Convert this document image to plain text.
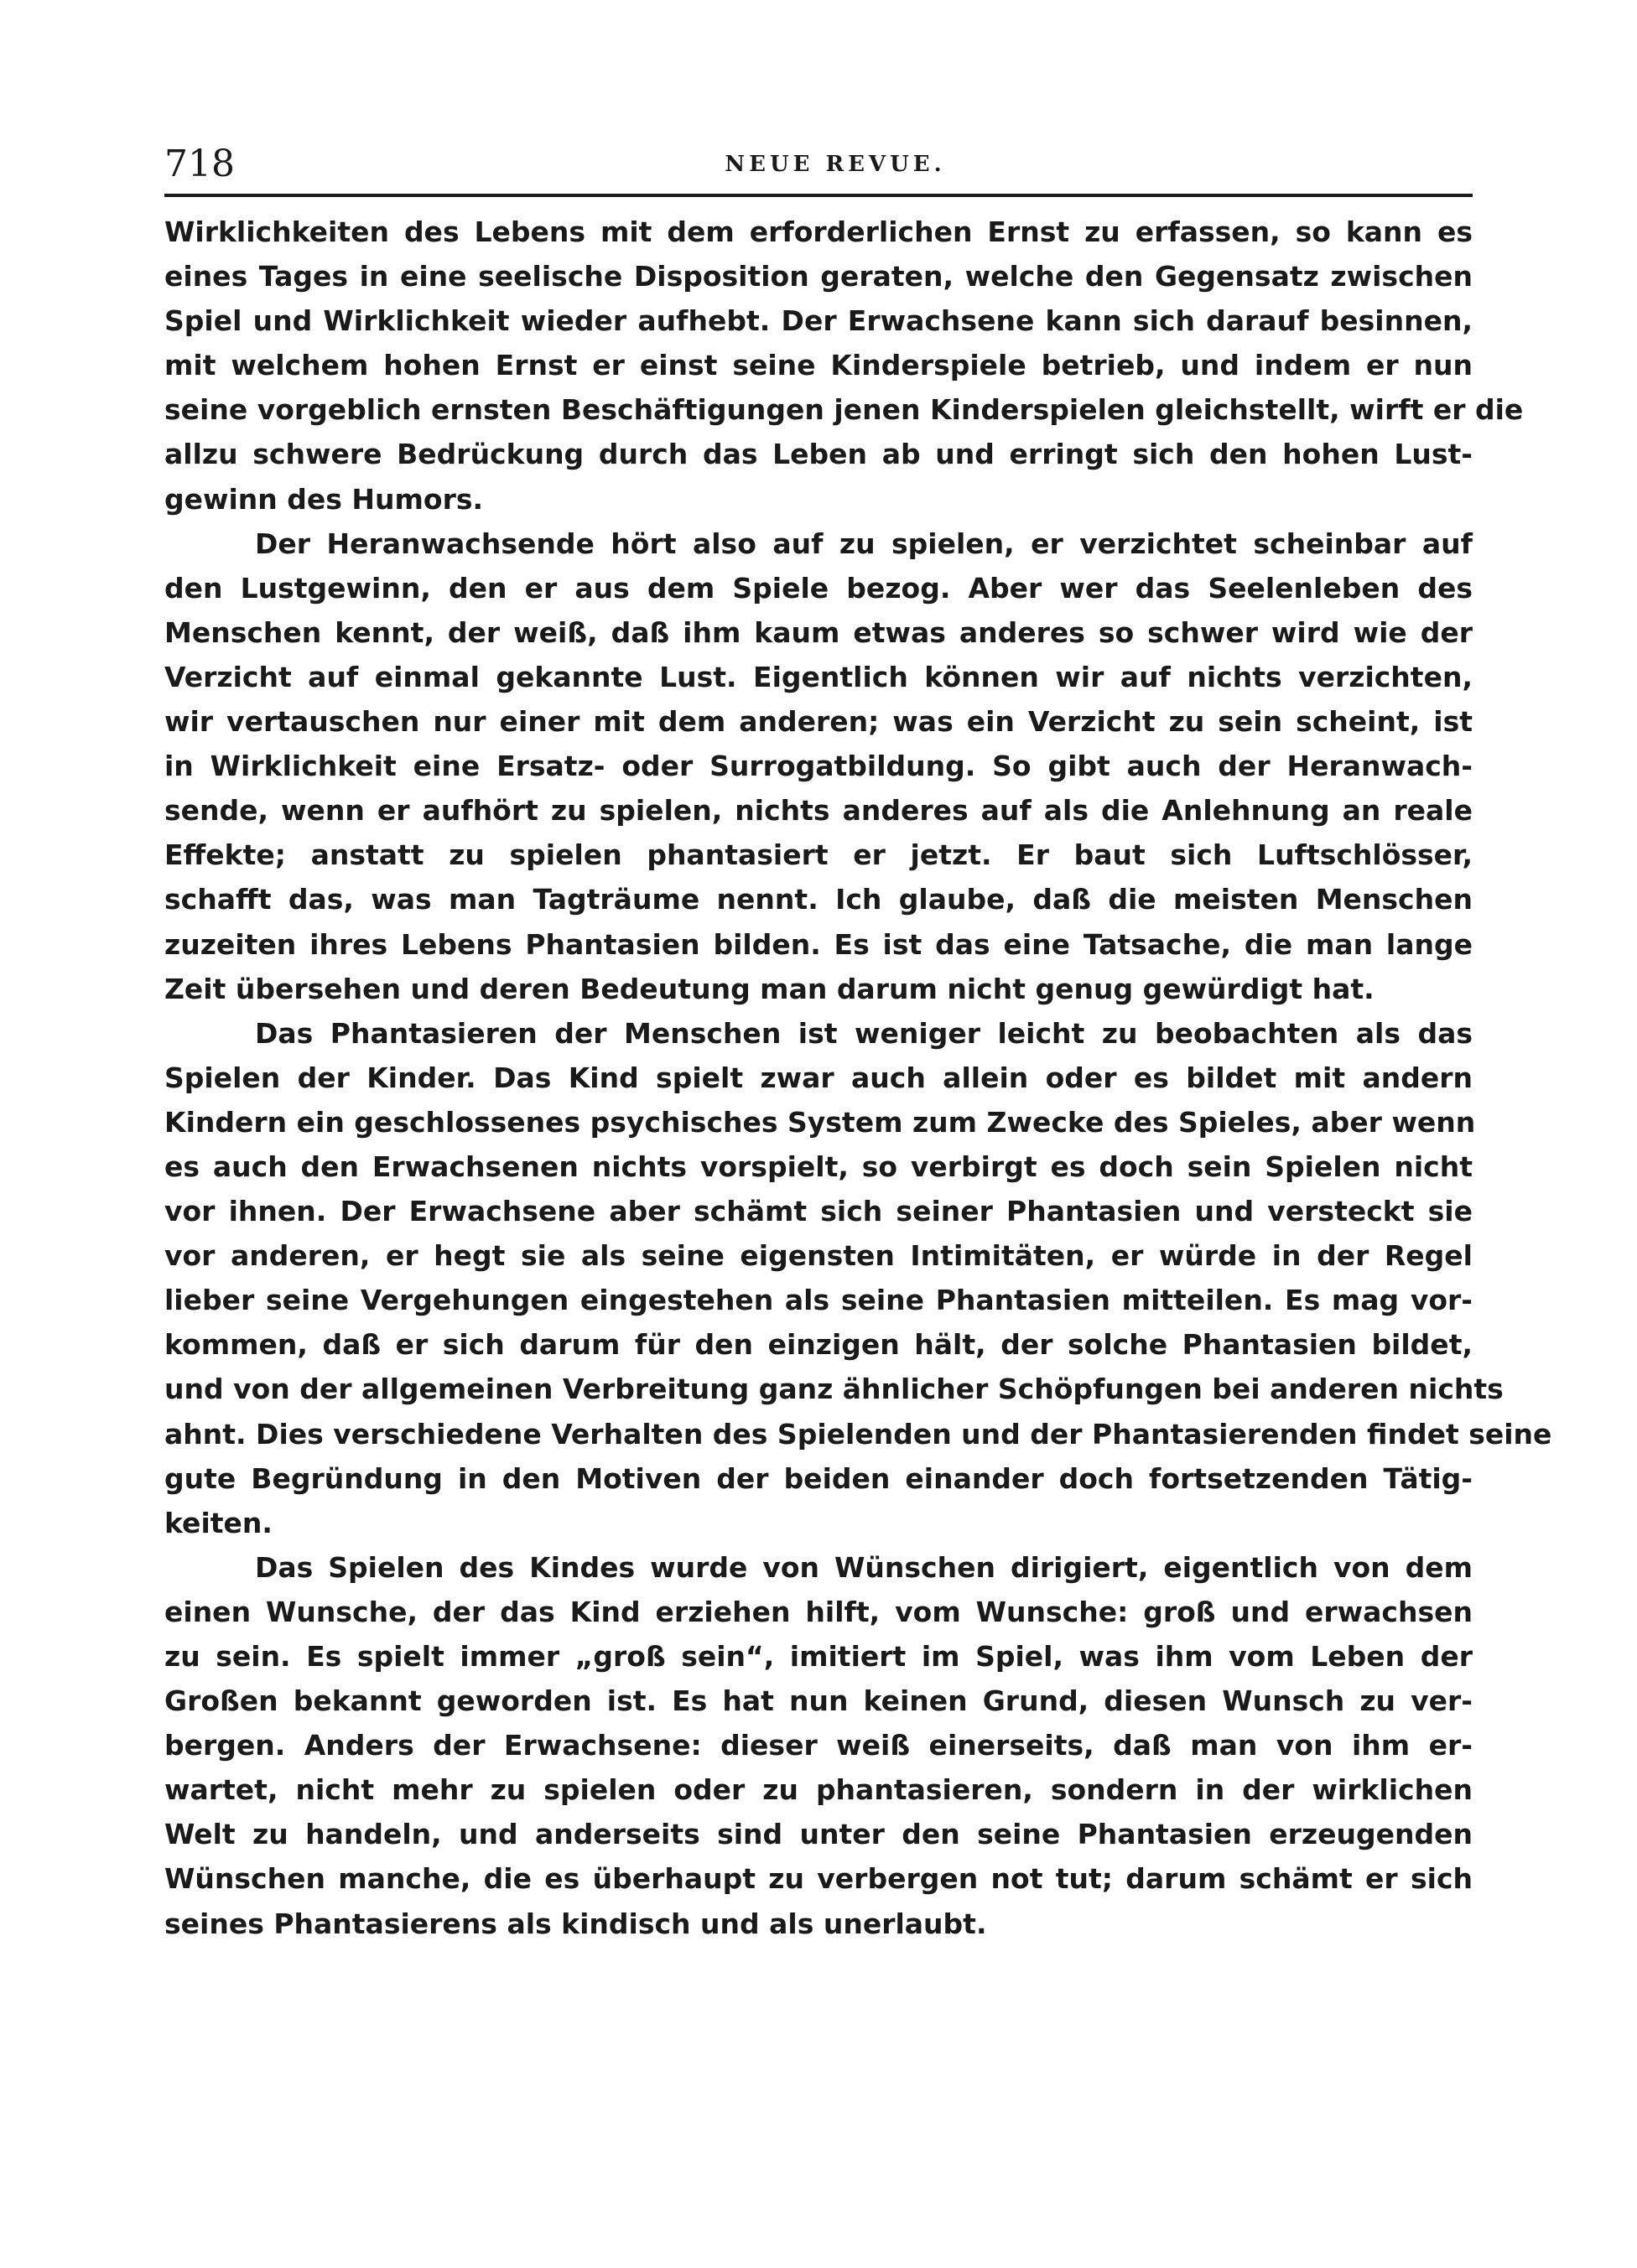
718	NEUE REVUE.
Wirklichkeiten des Lebens mit dem erforderlichen Ernst zu erfassen, so kann es
eines Tages in eine seelische Disposition geraten, welche den Gegensatz zwischen
Spiel und Wirklichkeit wieder aufhebt. Der Erwachsene kann sich darauf besinnen,
mit welchem hohen Ernst er einst seine Kinderspiele betrieb, und indem er nun
seine vorgeblich ernsten Beschäftigungen jenen Kinderspielen gleichstellt, wirft er die
allzu schwere Bedrückung durch das Leben ab und erringt sich den hohen Lust-
gewinn des Humors.
Der Heranwachsende hört also auf zu spielen, er verzichtet scheinbar auf
den Lustgewinn, den er aus dem Spiele bezog. Aber wer das Seelenleben des
Menschen kennt, der weiß, daß ihm kaum etwas anderes so schwer wird wie der
Verzicht auf einmal gekannte Lust. Eigentlich können wir auf nichts verzichten,
wir vertauschen nur einer mit dem anderen; was ein Verzicht zu sein scheint, ist
in Wirklichkeit eine Ersatz- oder Surrogatbildung. So gibt auch der Heranwach-
sende, wenn er aufhört zu spielen, nichts anderes auf als die Anlehnung an reale
Effekte; anstatt zu spielen phantasiert er jetzt. Er baut sich Luftschlösser,
schafft das, was man Tagträume nennt. Ich glaube, daß die meisten Menschen
zuzeiten ihres Lebens Phantasien bilden. Es ist das eine Tatsache, die man lange
Zeit übersehen und deren Bedeutung man darum nicht genug gewürdigt hat.
Das Phantasieren der Menschen ist weniger leicht zu beobachten als das
Spielen der Kinder. Das Kind spielt zwar auch allein oder es bildet mit andern
Kindern ein geschlossenes psychisches System zum Zwecke des Spieles, aber wenn
es auch den Erwachsenen nichts vorspielt, so verbirgt es doch sein Spielen nicht
vor ihnen. Der Erwachsene aber schämt sich seiner Phantasien und versteckt sie
vor anderen, er hegt sie als seine eigensten Intimitäten, er würde in der Regel
lieber seine Vergehungen eingestehen als seine Phantasien mitteilen. Es mag vor-
kommen, daß er sich darum für den einzigen hält, der solche Phantasien bildet,
und von der allgemeinen Verbreitung ganz ähnlicher Schöpfungen bei anderen nichts
ahnt. Dies verschiedene Verhalten des Spielenden und der Phantasierenden findet seine
gute Begründung in den Motiven der beiden einander doch fortsetzenden Tätig-
keiten.
Das Spielen des Kindes wurde von Wünschen dirigiert, eigentlich von dem
einen Wunsche, der das Kind erziehen hilft, vom Wunsche: groß und erwachsen
zu sein. Es spielt immer „groß sein“, imitiert im Spiel, was ihm vom Leben der
Großen bekannt geworden ist. Es hat nun keinen Grund, diesen Wunsch zu ver-
bergen. Anders der Erwachsene: dieser weiß einerseits, daß man von ihm er-
wartet, nicht mehr zu spielen oder zu phantasieren, sondern in der wirklichen
Welt zu handeln, und anderseits sind unter den seine Phantasien erzeugenden
Wünschen manche, die es überhaupt zu verbergen not tut; darum schämt er sich
seines Phantasierens als kindisch und als unerlaubt.
